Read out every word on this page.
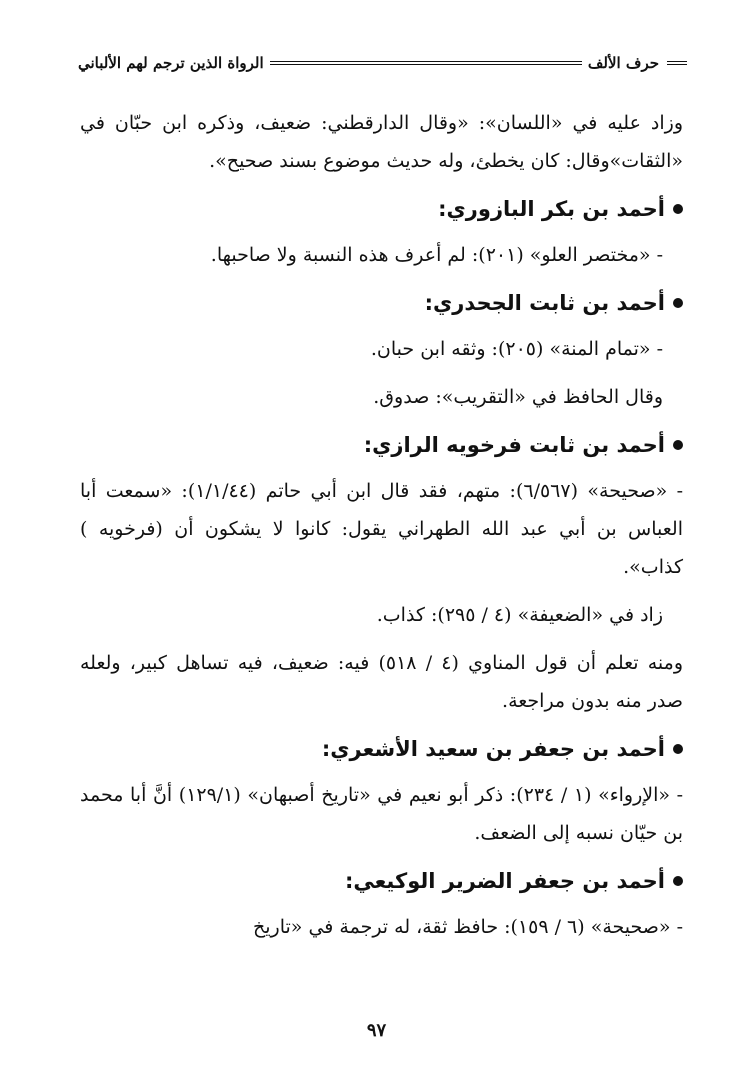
حرف الألف
الرواة الذين ترجم لهم الألباني

وزاد عليه في «اللسان»: «وقال الدارقطني: ضعيف، وذكره ابن حبّان في «الثقات»وقال: كان يخطئ، وله حديث موضوع بسند صحيح».

أحمد بن بكر البازوري:

- «مختصر العلو» (٢٠١): لم أعرف هذه النسبة ولا صاحبها.

أحمد بن ثابت الجحدري:

- «تمام المنة» (٢٠٥): وثقه ابن حبان.

وقال الحافظ في «التقريب»: صدوق.

أحمد بن ثابت فرخويه الرازي:

- «صحيحة» (٦/٥٦٧): متهم، فقد قال ابن أبي حاتم (١/١/٤٤): «سمعت أبا العباس بن أبي عبد الله الطهراني يقول: كانوا لا يشكون أن (فرخويه ) كذاب».

زاد في «الضعيفة» (٤ / ٢٩٥): كذاب.

ومنه تعلم أن قول المناوي (٤ / ٥١٨) فيه: ضعيف، فيه تساهل كبير، ولعله صدر منه بدون مراجعة.

أحمد بن جعفر بن سعيد الأشعري:

- «الإرواء» (١ / ٢٣٤): ذكر أبو نعيم في «تاريخ أصبهان» (١٢٩/١) أنَّ أبا محمد بن حيّان نسبه إلى الضعف.

أحمد بن جعفر الضرير الوكيعي:

- «صحيحة» (٦ / ١٥٩): حافظ ثقة، له ترجمة في «تاريخ

٩٧
